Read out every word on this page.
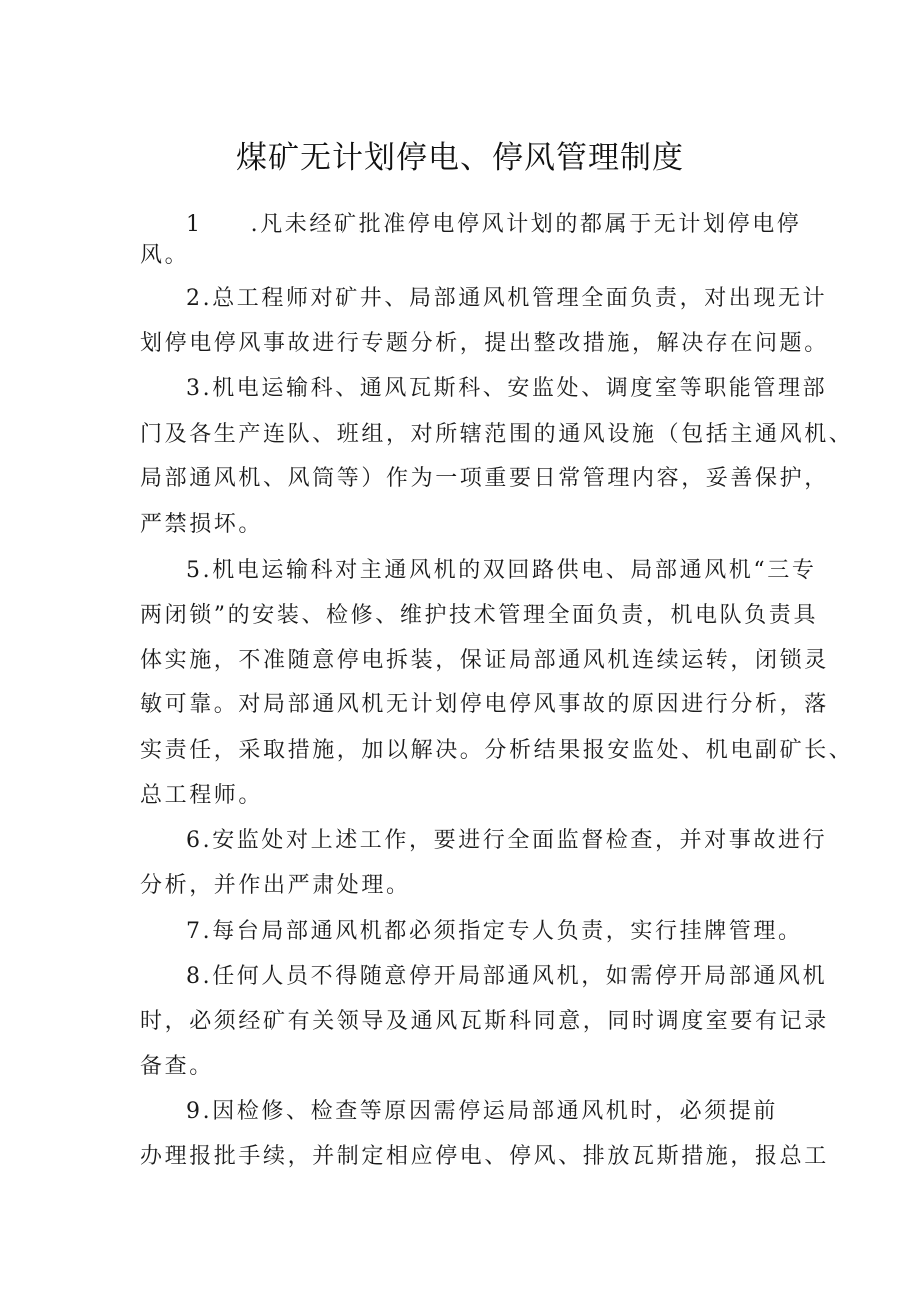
煤矿无计划停电、停风管理制度
1 .凡未经矿批准停电停风计划的都属于无计划停电停
风。
2.总工程师对矿井、局部通风机管理全面负责，对出现无计
划停电停风事故进行专题分析，提出整改措施，解决存在问题。
3.机电运输科、通风瓦斯科、安监处、调度室等职能管理部
门及各生产连队、班组，对所辖范围的通风设施（包括主通风机、
局部通风机、风筒等）作为一项重要日常管理内容，妥善保护，
严禁损坏。
5.机电运输科对主通风机的双回路供电、局部通风机“三专
两闭锁”的安装、检修、维护技术管理全面负责，机电队负责具
体实施，不准随意停电拆装，保证局部通风机连续运转，闭锁灵
敏可靠。对局部通风机无计划停电停风事故的原因进行分析，落
实责任，采取措施，加以解决。分析结果报安监处、机电副矿长、
总工程师。
6.安监处对上述工作，要进行全面监督检查，并对事故进行
分析，并作出严肃处理。
7.每台局部通风机都必须指定专人负责，实行挂牌管理。
8.任何人员不得随意停开局部通风机，如需停开局部通风机
时，必须经矿有关领导及通风瓦斯科同意，同时调度室要有记录
备查。
9.因检修、检查等原因需停运局部通风机时，必须提前
办理报批手续，并制定相应停电、停风、排放瓦斯措施，报总工
